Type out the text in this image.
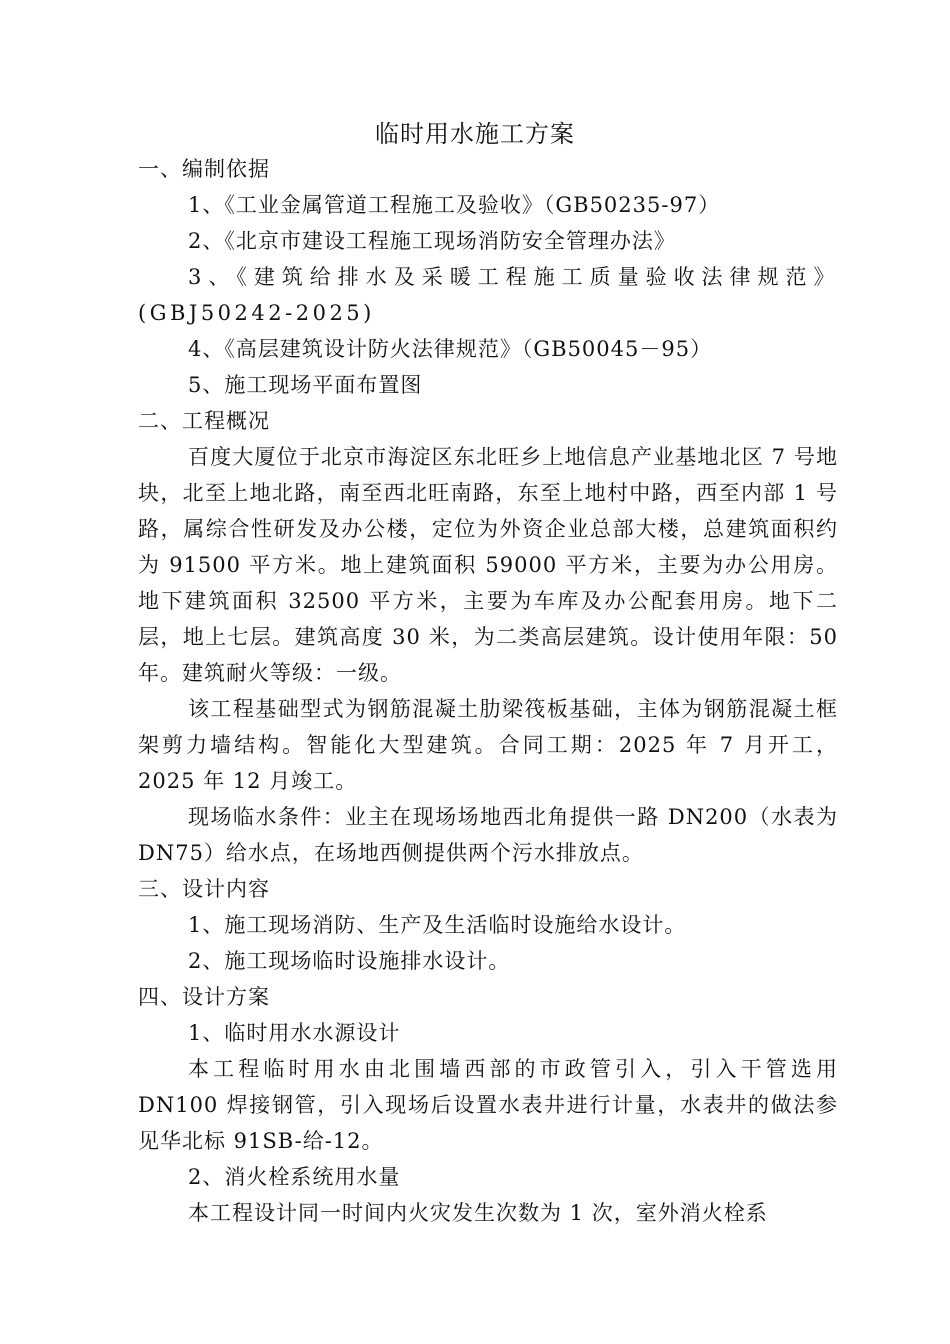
临时用水施工方案

一、编制依据

1、《工业金属管道工程施工及验收》（GB50235-97）

2、《北京市建设工程施工现场消防安全管理办法》

3、《建筑给排水及采暖工程施工质量验收法律规范》(GBJ50242-2025)

4、《高层建筑设计防火法律规范》（GB50045－95）

5、施工现场平面布置图

二、工程概况

百度大厦位于北京市海淀区东北旺乡上地信息产业基地北区 7 号地块，北至上地北路，南至西北旺南路，东至上地村中路，西至内部 1 号路，属综合性研发及办公楼，定位为外资企业总部大楼，总建筑面积约为 91500 平方米。地上建筑面积 59000 平方米，主要为办公用房。地下建筑面积 32500 平方米，主要为车库及办公配套用房。地下二层，地上七层。建筑高度 30 米，为二类高层建筑。设计使用年限：50 年。建筑耐火等级：一级。

该工程基础型式为钢筋混凝土肋梁筏板基础，主体为钢筋混凝土框架剪力墙结构。智能化大型建筑。合同工期：2025 年 7 月开工，2025 年 12 月竣工。

现场临水条件：业主在现场场地西北角提供一路 DN200（水表为 DN75）给水点，在场地西侧提供两个污水排放点。

三、设计内容

1、施工现场消防、生产及生活临时设施给水设计。

2、施工现场临时设施排水设计。

四、设计方案

1、临时用水水源设计

本工程临时用水由北围墙西部的市政管引入，引入干管选用 DN100 焊接钢管，引入现场后设置水表井进行计量，水表井的做法参见华北标 91SB-给-12。

2、消火栓系统用水量

本工程设计同一时间内火灾发生次数为 1 次，室外消火栓系
